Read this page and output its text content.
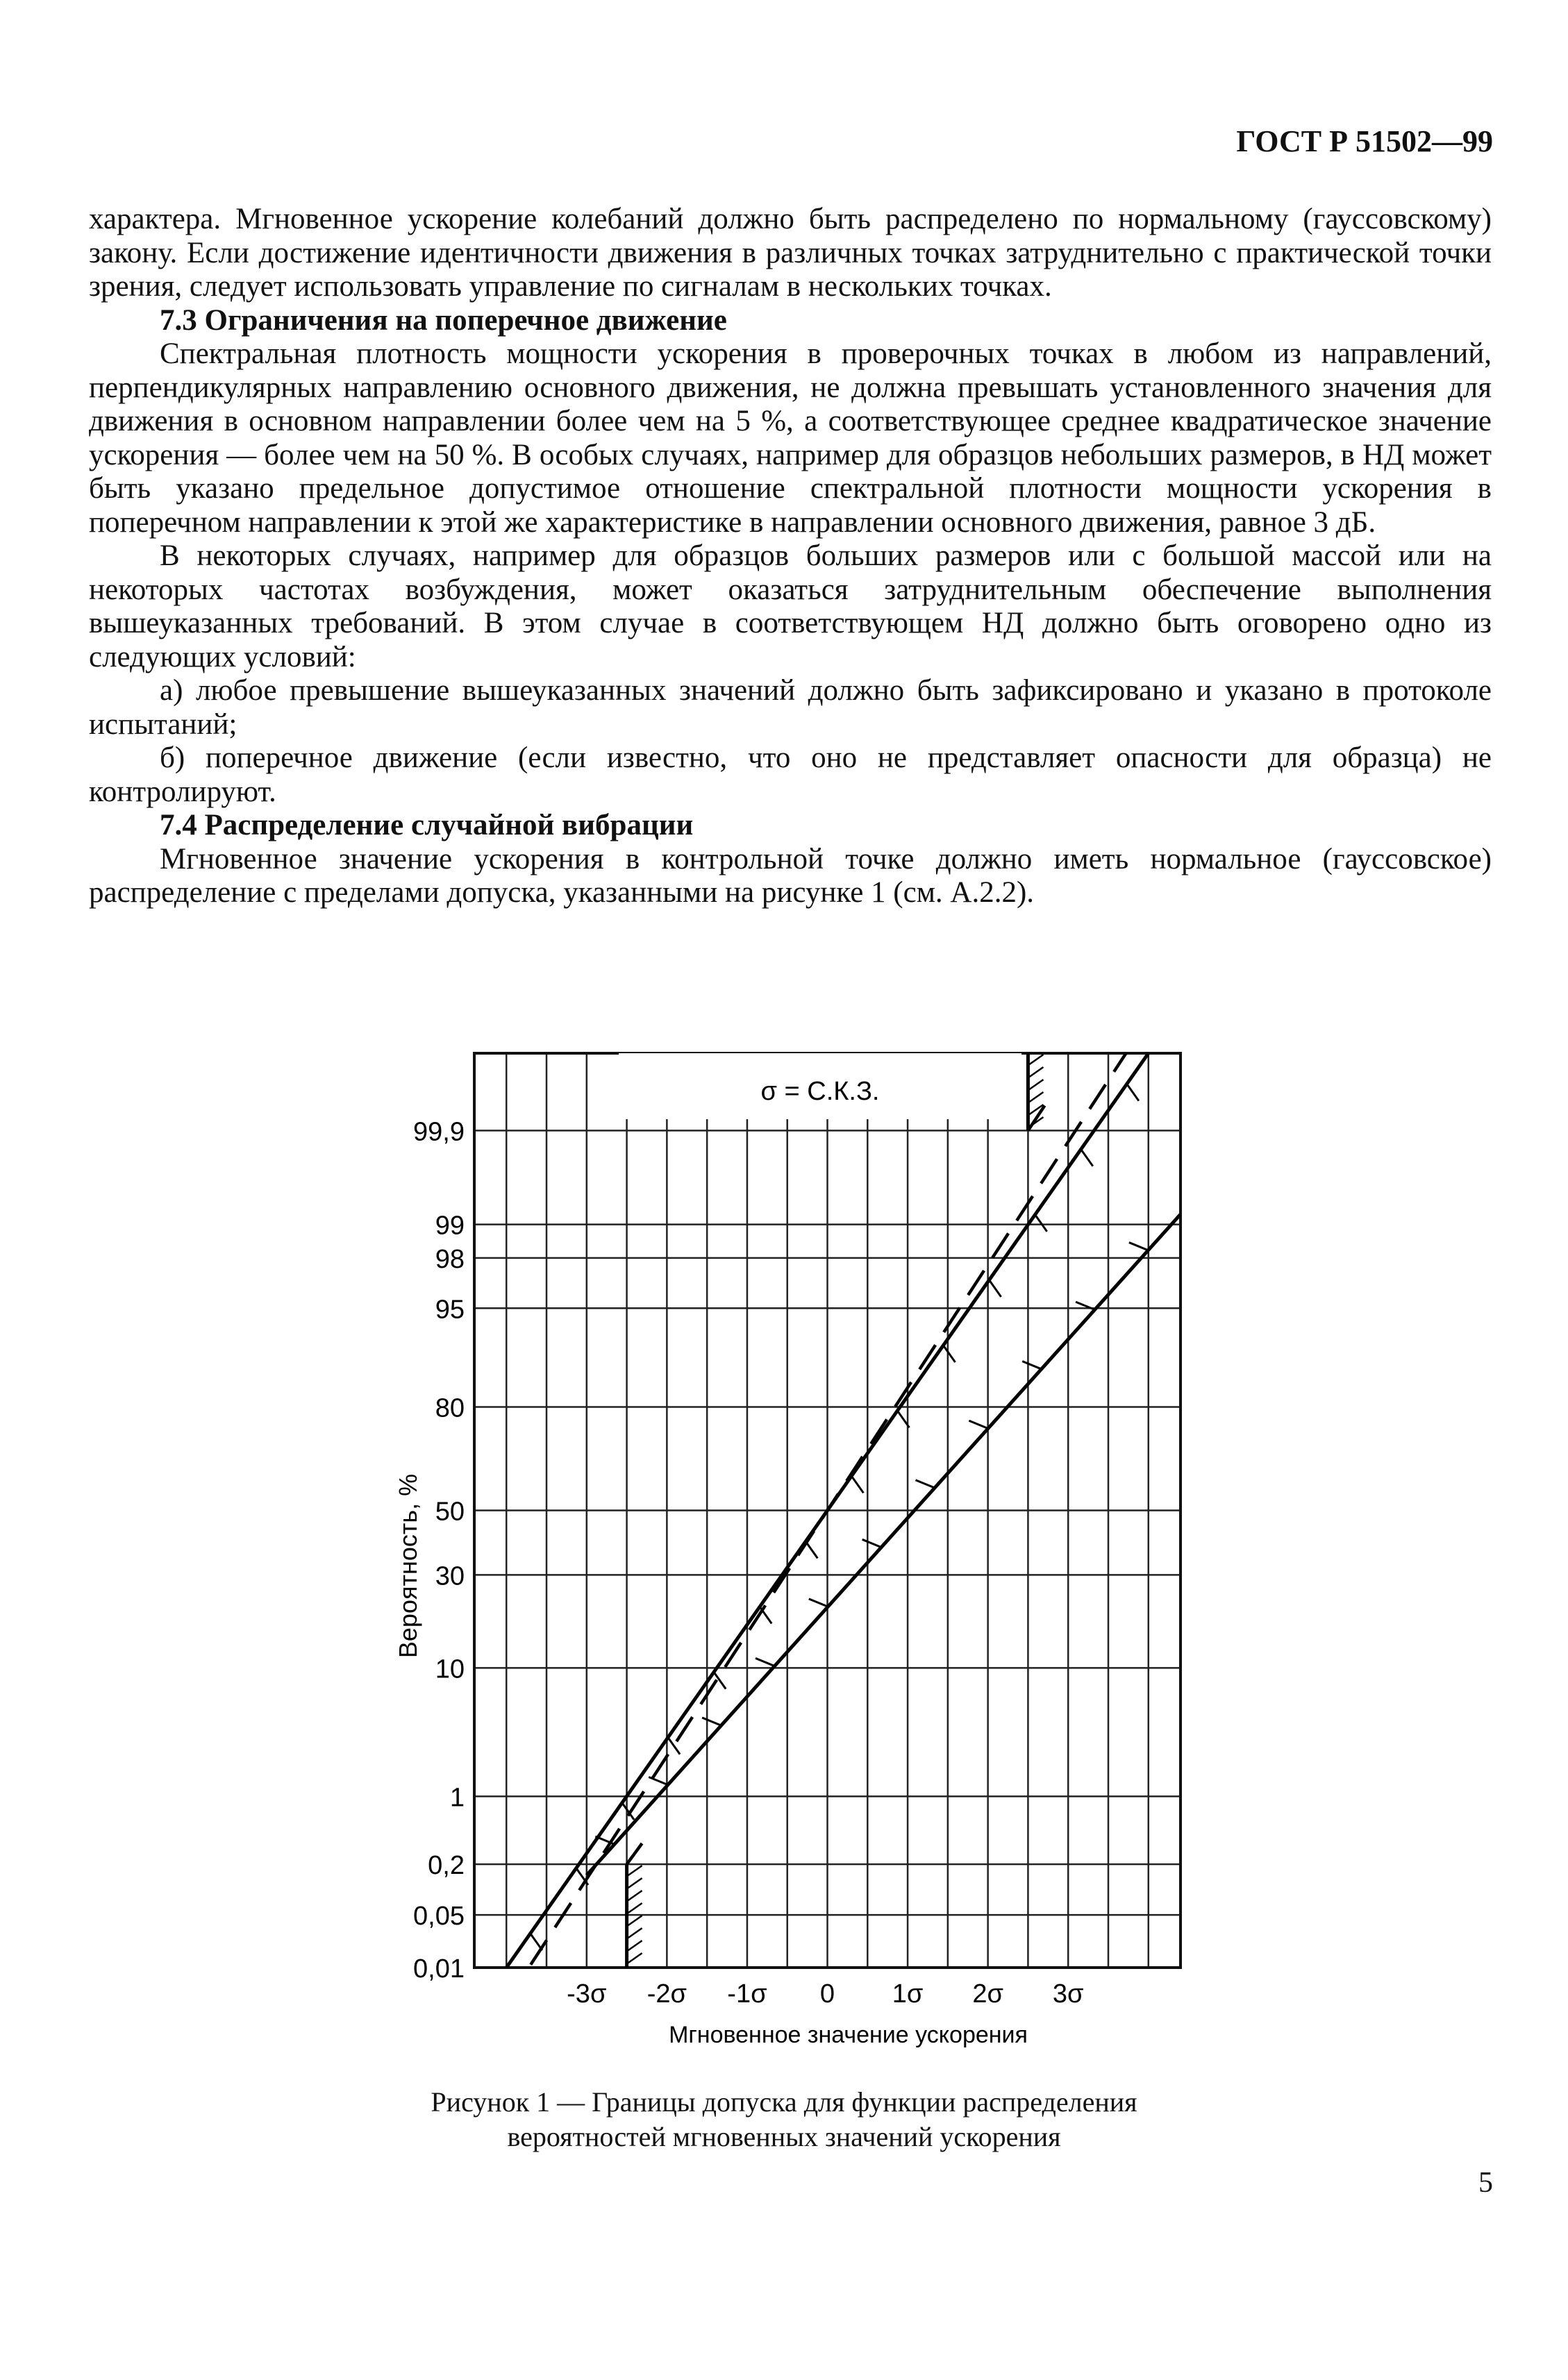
ГОСТ Р 51502—99

характера. Мгновенное ускорение колебаний должно быть распределено по нормальному (гауссовскому) закону. Если достижение идентичности движения в различных точках затруднительно с практической точки зрения, следует использовать управление по сигналам в нескольких точках.

7.3 Ограничения на поперечное движение

Спектральная плотность мощности ускорения в проверочных точках в любом из направлений, перпендикулярных направлению основного движения, не должна превышать установленного значения для движения в основном направлении более чем на 5 %, а соответствующее среднее квадратическое значение ускорения — более чем на 50 %. В особых случаях, например для образцов небольших размеров, в НД может быть указано предельное допустимое отношение спектральной плотности мощности ускорения в поперечном направлении к этой же характеристике в направлении основного движения, равное 3 дБ.

В некоторых случаях, например для образцов больших размеров или с большой массой или на некоторых частотах возбуждения, может оказаться затруднительным обеспечение выполнения вышеуказанных требований. В этом случае в соответствующем НД должно быть оговорено одно из следующих условий:

а) любое превышение вышеуказанных значений должно быть зафиксировано и указано в протоколе испытаний;

б) поперечное движение (если известно, что оно не представляет опасности для образца) не контролируют.

7.4 Распределение случайной вибрации

Мгновенное значение ускорения в контрольной точке должно иметь нормальное (гауссовское) распределение с пределами допуска, указанными на рисунке 1 (см. А.2.2).

σ = С.К.З.
0,01
0,05
0,2
1
10
30
50
80
95
98
99
99,9
-3σ -2σ -1σ 0 1σ 2σ 3σ
Мгновенное значение ускорения
Вероятность, %
Рисунок 1 — Границы допуска для функции распределения
вероятностей мгновенных значений ускорения
5
